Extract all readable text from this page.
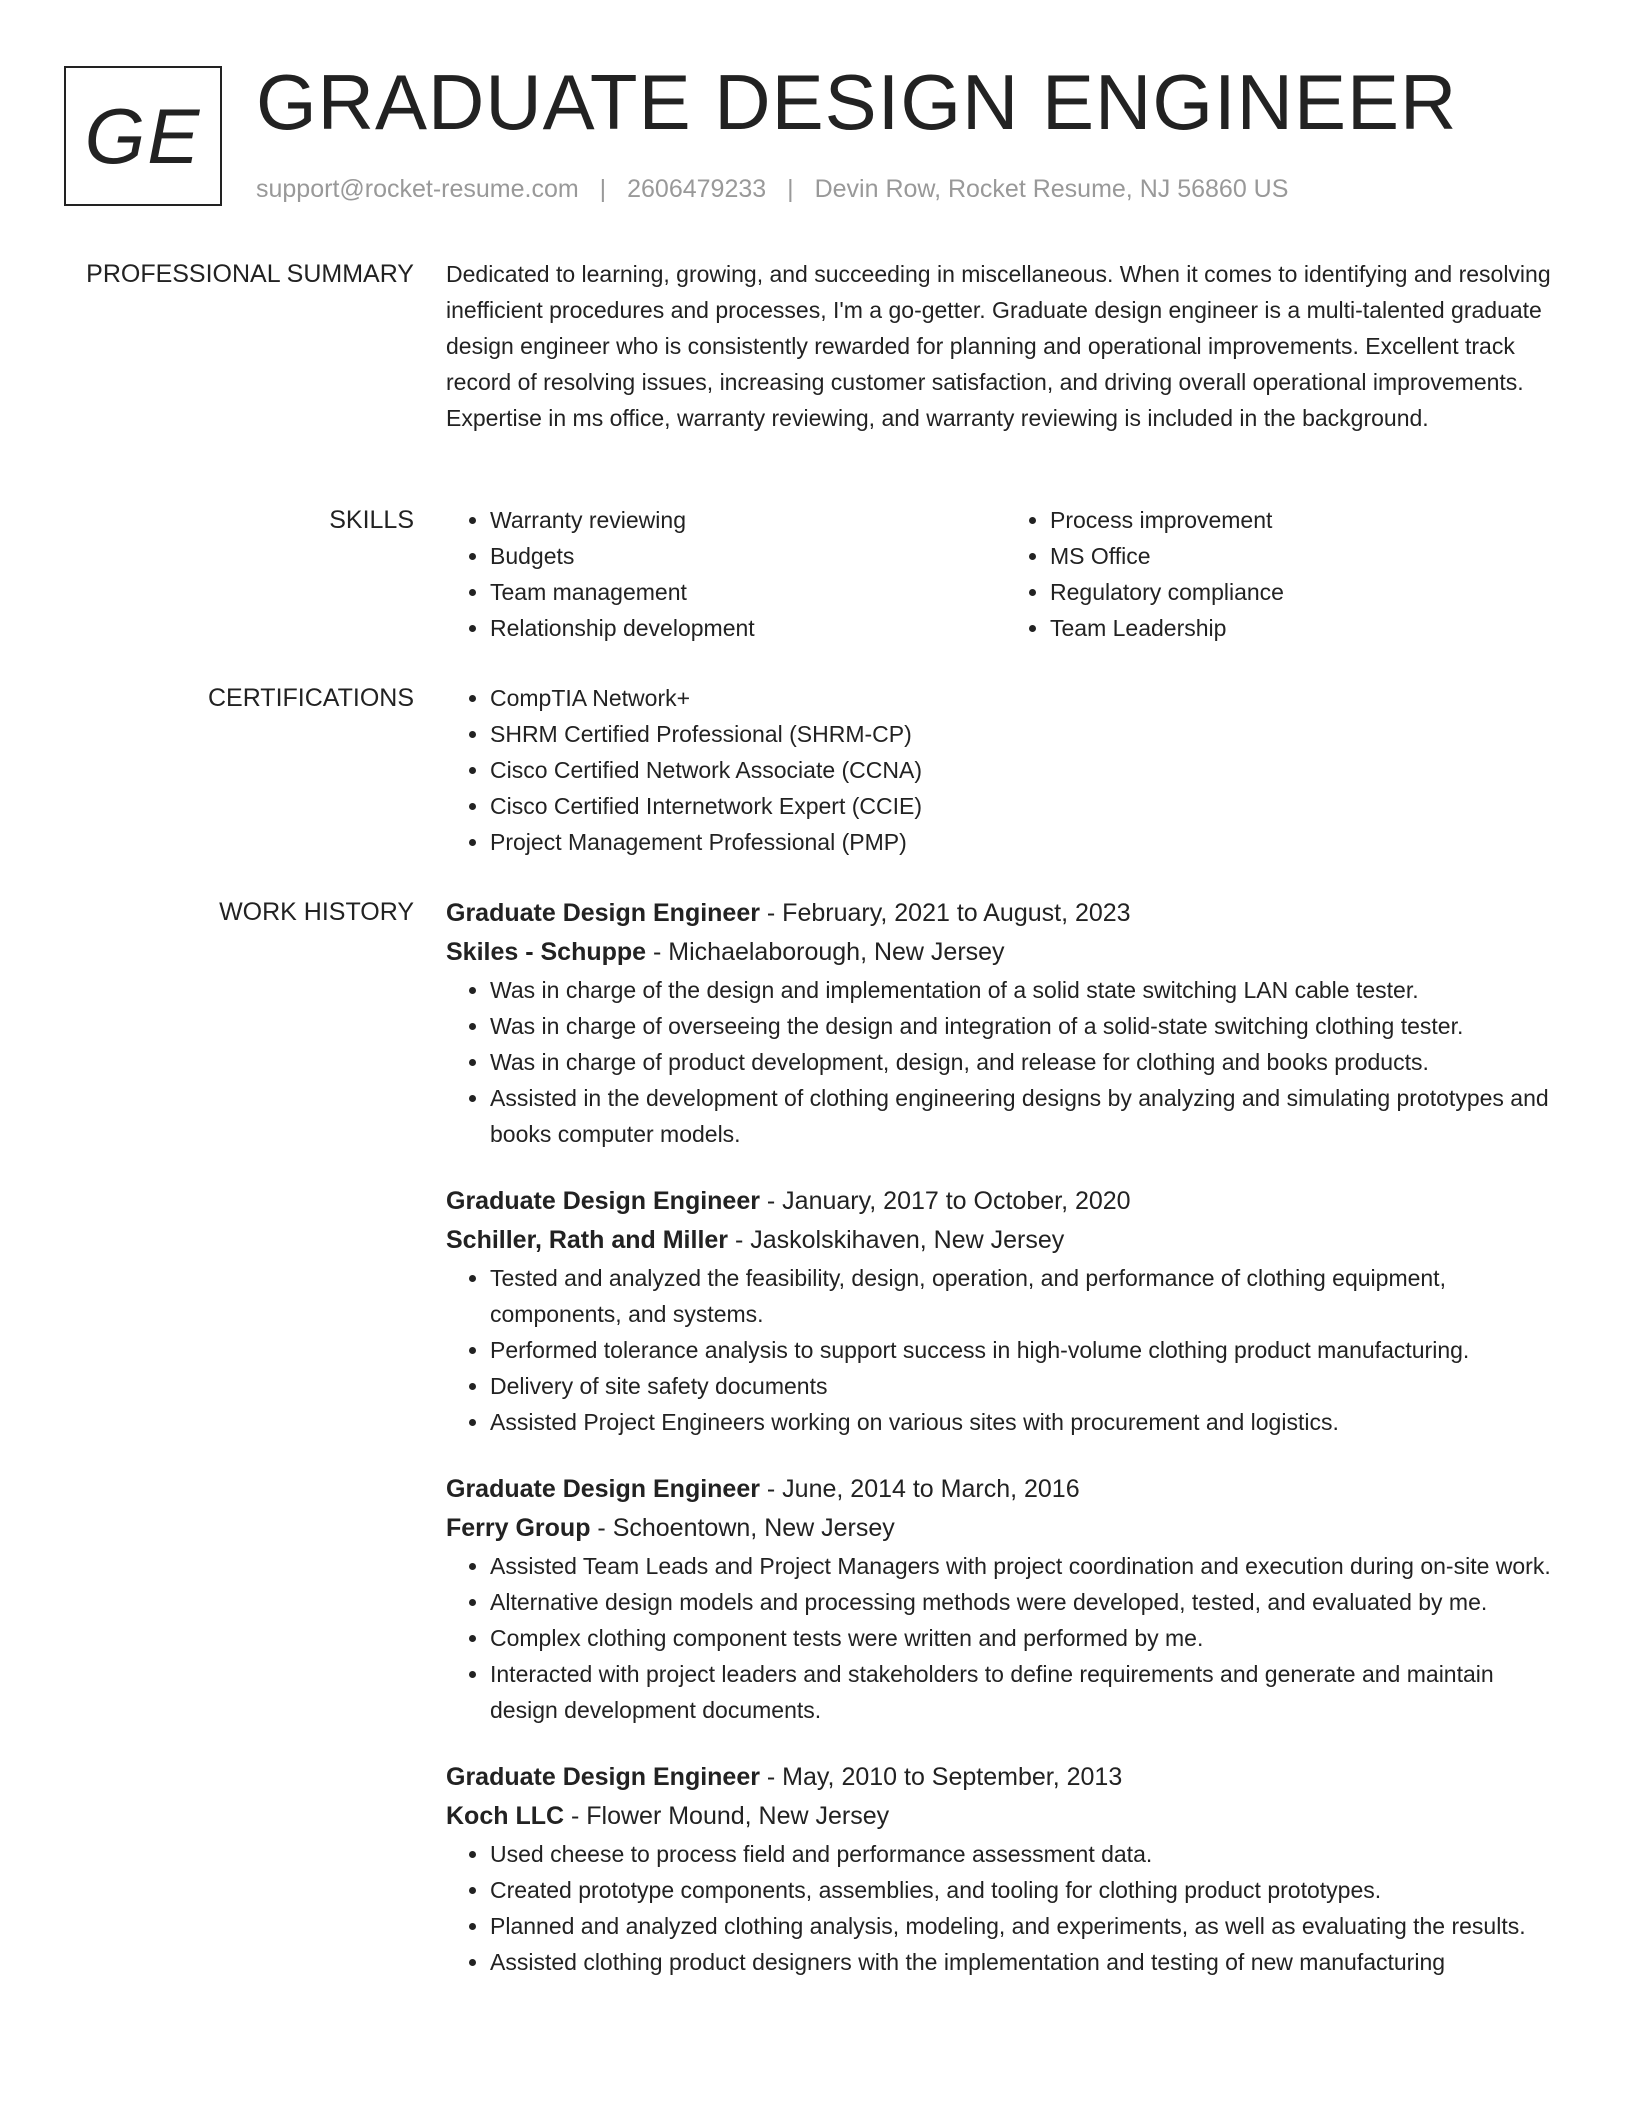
GE GRADUATE DESIGN ENGINEER
support@rocket-resume.com | 2606479233 | Devin Row, Rocket Resume, NJ 56860 US
PROFESSIONAL SUMMARY Dedicated to learning, growing, and succeeding in miscellaneous. When it comes to identifying and resolving inefficient procedures and processes, I'm a go-getter. Graduate design engineer is a multi-talented graduate design engineer who is consistently rewarded for planning and operational improvements. Excellent track record of resolving issues, increasing customer satisfaction, and driving overall operational improvements. Expertise in ms office, warranty reviewing, and warranty reviewing is included in the background.

SKILLS	• Warranty reviewing
• Budgets
• Team management
• Relationship development
• Process improvement
• MS Office
• Regulatory compliance
• Team Leadership
CERTIFICATIONS	• CompTIA Network+
• SHRM Certified Professional (SHRM-CP)
• Cisco Certified Network Associate (CCNA)
• Cisco Certified Internetwork Expert (CCIE)
• Project Management Professional (PMP)
WORK HISTORY Graduate Design Engineer - February, 2021 to August, 2023
Skiles - Schuppe - Michaelaborough, New Jersey
• Was in charge of the design and implementation of a solid state switching LAN cable tester.
• Was in charge of overseeing the design and integration of a solid-state switching clothing tester.
• Was in charge of product development, design, and release for clothing and books products.
• Assisted in the development of clothing engineering designs by analyzing and simulating prototypes and books computer models.
Graduate Design Engineer - January, 2017 to October, 2020
Schiller, Rath and Miller - Jaskolskihaven, New Jersey
• Tested and analyzed the feasibility, design, operation, and performance of clothing equipment, components, and systems.
• Performed tolerance analysis to support success in high-volume clothing product manufacturing.
• Delivery of site safety documents
• Assisted Project Engineers working on various sites with procurement and logistics.
Graduate Design Engineer - June, 2014 to March, 2016
Ferry Group - Schoentown, New Jersey
• Assisted Team Leads and Project Managers with project coordination and execution during on-site work.
• Alternative design models and processing methods were developed, tested, and evaluated by me.
• Complex clothing component tests were written and performed by me.
• Interacted with project leaders and stakeholders to define requirements and generate and maintain design development documents.
Graduate Design Engineer - May, 2010 to September, 2013
Koch LLC - Flower Mound, New Jersey
• Used cheese to process field and performance assessment data.
• Created prototype components, assemblies, and tooling for clothing product prototypes.
• Planned and analyzed clothing analysis, modeling, and experiments, as well as evaluating the results.
• Assisted clothing product designers with the implementation and testing of new manufacturing
